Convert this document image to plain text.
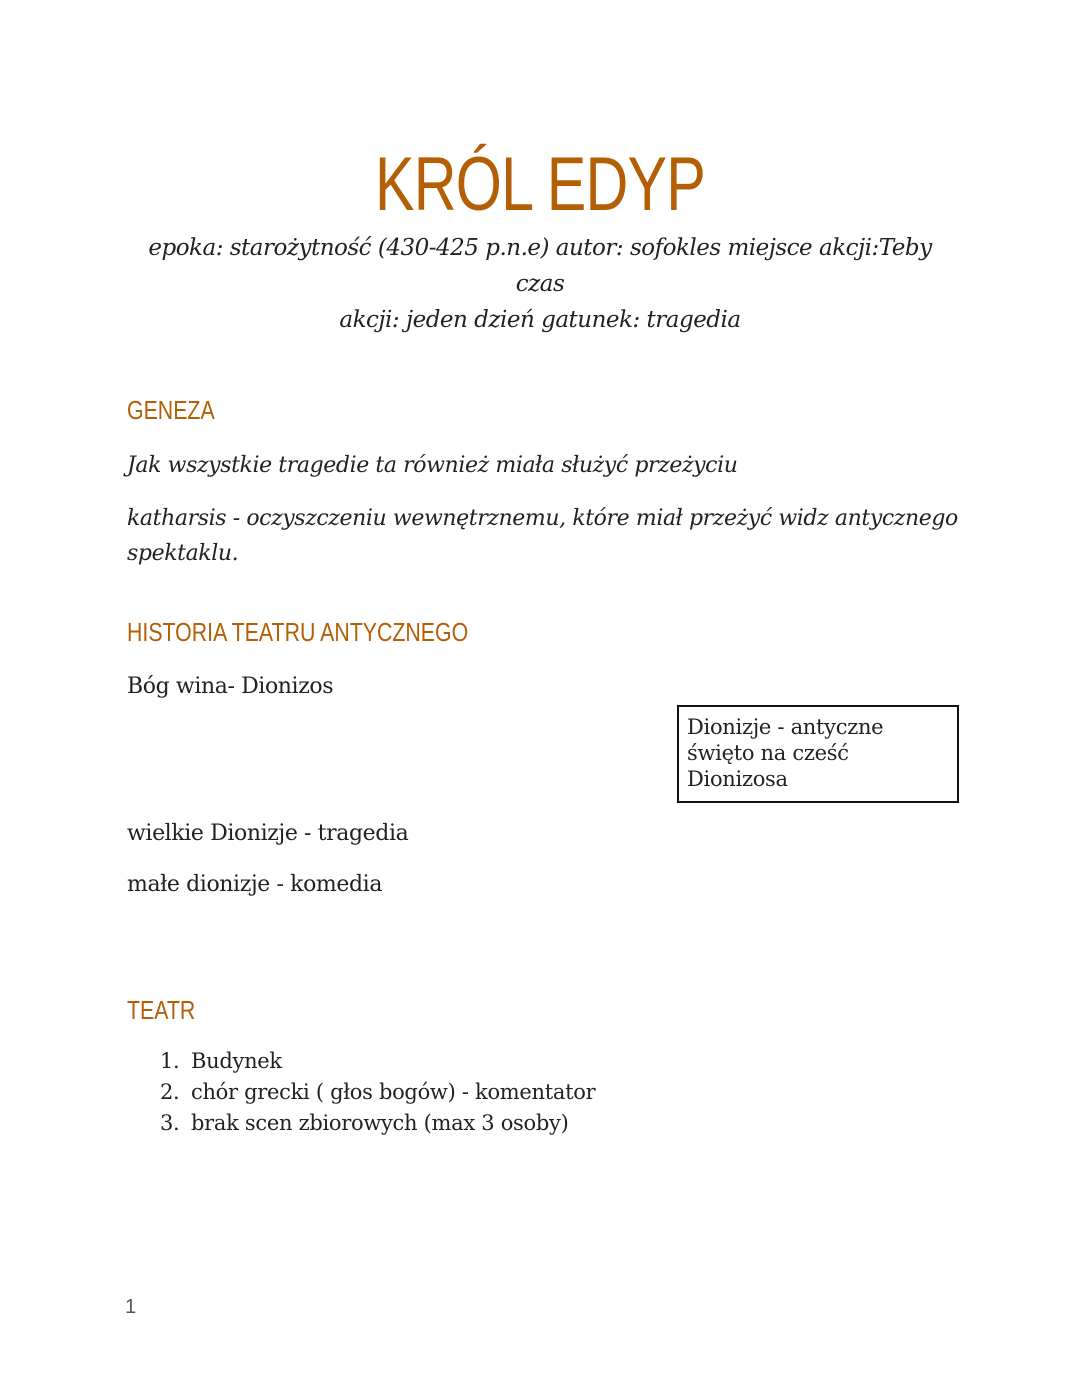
KRÓL EDYP
epoka: starożytność (430-425 p.n.e) autor: sofokles miejsce akcji:Teby czas
akcji: jeden dzień gatunek: tragedia
GENEZA
Jak wszystkie tragedie ta również miała służyć przeżyciu
katharsis - oczyszczeniu wewnętrznemu, które miał przeżyć widz antycznego
spektaklu.
HISTORIA TEATRU ANTYCZNEGO
Bóg wina- Dionizos
Dionizje - antyczne
święto na cześć
Dionizosa
wielkie Dionizje - tragedia
małe dionizje - komedia
TEATR
1. Budynek
2. chór grecki ( głos bogów) - komentator
3. brak scen zbiorowych (max 3 osoby)
1
